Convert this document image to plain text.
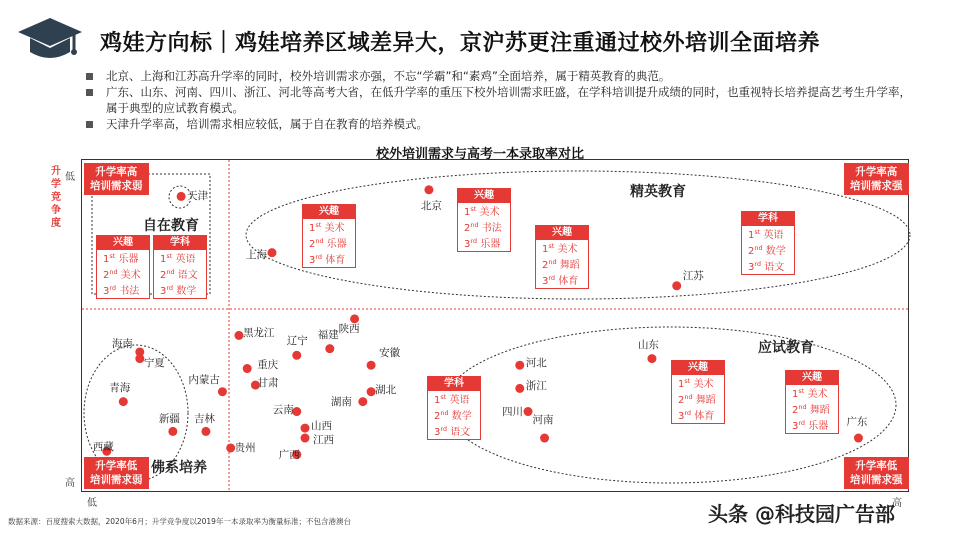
鸡娃方向标｜鸡娃培养区域差异大，京沪苏更注重通过校外培训全面培养
北京、上海和江苏高升学率的同时，校外培训需求亦强，不忘“学霸”和“素鸡”全面培养，属于精英教育的典范。
广东、山东、河南、四川、浙江、河北等高考大省，在低升学率的重压下校外培训需求旺盛，在学科培训提升成绩的同时，也重视特长培养提高艺考生升学率，属于典型的应试教育模式。
天津升学率高，培训需求相应较低，属于自在教育的培养模式。
校外培训需求与高考一本录取率对比
升学竞争度
低
高
低	高
升学率高
培训需求弱
升学率高
培训需求强
升学率低
培训需求弱
升学率低
培训需求强
自在教育
精英教育
佛系培养
应试教育
天津
上海
北京
江苏
海南
宁夏
青海
西藏
新疆 吉林
内蒙古
黑龙江
重庆
甘肃
贵州
广西
云南
山西
江西
辽宁
福建 陕西
安徽
湖北
湖南
河北
浙江
四川
河南
山东
广东
兴趣
1st 乐器
2nd 美术
3rd 书法
学科
1st 英语
2nd 语文
3rd 数学
兴趣
1st 美术
2nd 乐器
3rd 体育
兴趣
1st 美术
2nd 书法
3rd 乐器
兴趣
1st 美术
2nd 舞蹈
3rd 体育
学科
1st 英语
2nd 数学
3rd 语文
学科
1st 英语
2nd 数学
3rd 语文
兴趣
1st 美术
2nd 舞蹈
3rd 体育
兴趣
1st 美术
2nd 舞蹈
3rd 乐器
数据来源：百度搜索大数据，2020年6月；升学竞争度以2019年一本录取率为衡量标准；不包含港澳台	头条 @科技园广告部
